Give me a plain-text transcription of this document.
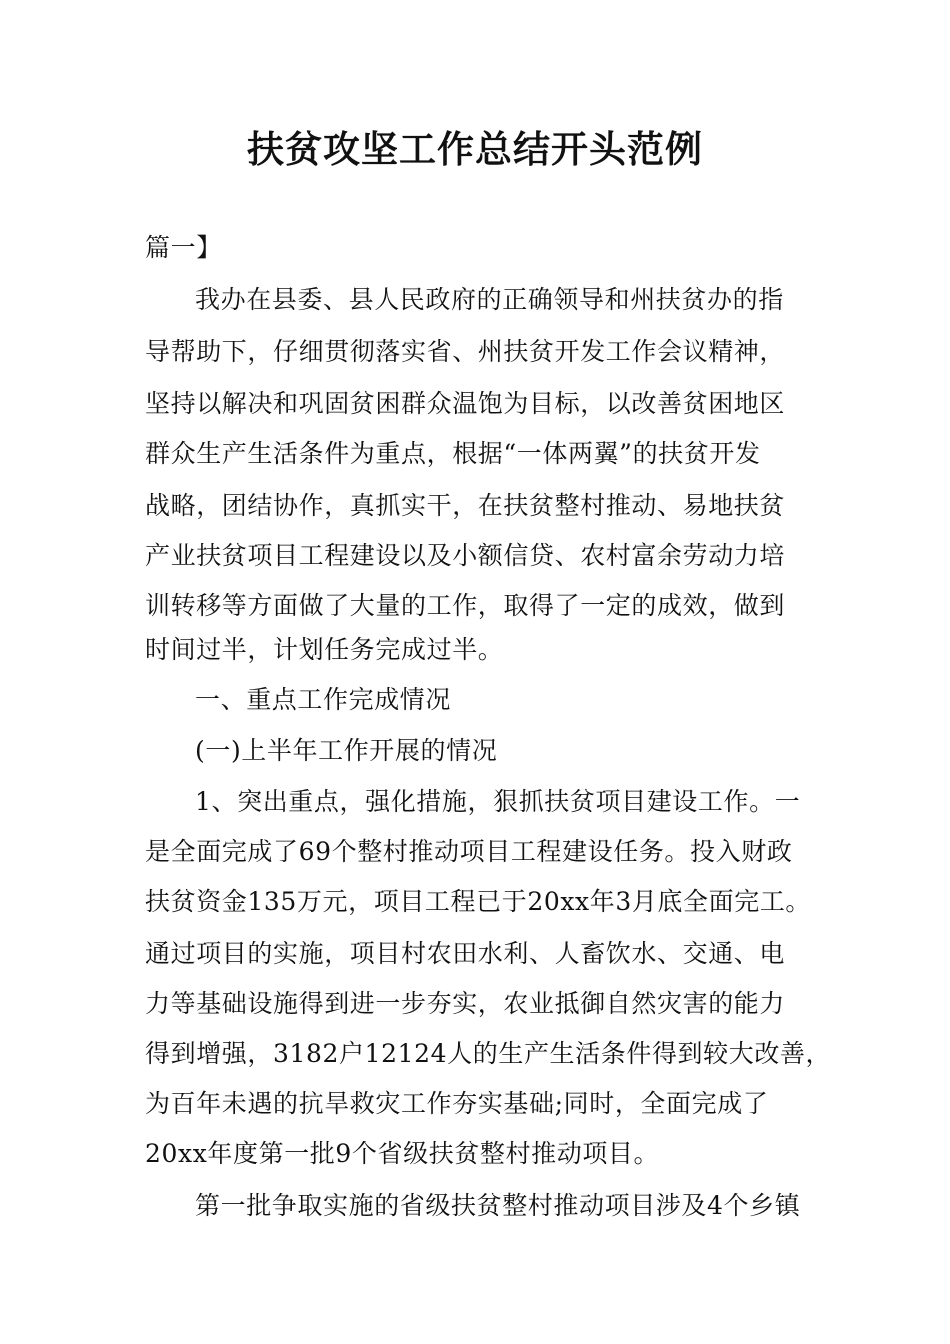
扶贫攻坚工作总结开头范例

篇一】

我办在县委、县人民政府的正确领导和州扶贫办的指

导帮助下，仔细贯彻落实省、州扶贫开发工作会议精神，

坚持以解决和巩固贫困群众温饱为目标，以改善贫困地区

群众生产生活条件为重点，根据“一体两翼”的扶贫开发

战略，团结协作，真抓实干，在扶贫整村推动、易地扶贫

产业扶贫项目工程建设以及小额信贷、农村富余劳动力培

训转移等方面做了大量的工作，取得了一定的成效，做到

时间过半，计划任务完成过半。

一、重点工作完成情况

(一)上半年工作开展的情况

1、突出重点，强化措施，狠抓扶贫项目建设工作。一

是全面完成了69个整村推动项目工程建设任务。投入财政

扶贫资金135万元，项目工程已于20xx年3月底全面完工。

通过项目的实施，项目村农田水利、人畜饮水、交通、电

力等基础设施得到进一步夯实，农业抵御自然灾害的能力

得到增强，3182户12124人的生产生活条件得到较大改善，

为百年未遇的抗旱救灾工作夯实基础;同时，全面完成了

20xx年度第一批9个省级扶贫整村推动项目。

第一批争取实施的省级扶贫整村推动项目涉及4个乡镇
